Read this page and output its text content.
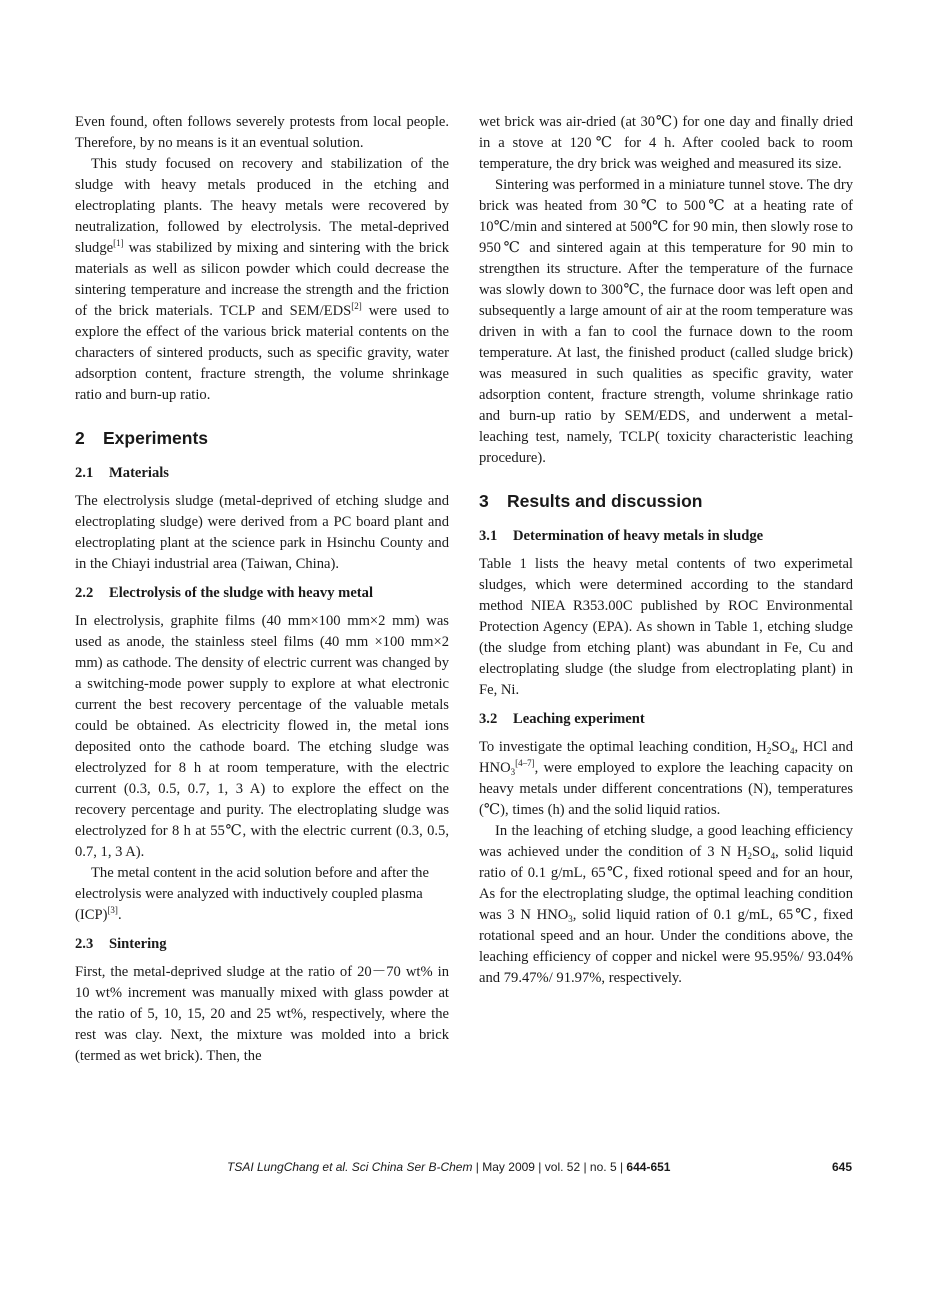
Even found, often follows severely protests from local people. Therefore, by no means is it an eventual solution.

This study focused on recovery and stabilization of the sludge with heavy metals produced in the etching and electroplating plants. The heavy metals were recovered by neutralization, followed by electrolysis. The metal-deprived sludge[1] was stabilized by mixing and sintering with the brick materials as well as silicon powder which could decrease the sintering temperature and increase the strength and the friction of the brick materials. TCLP and SEM/EDS[2] were used to explore the effect of the various brick material contents on the characters of sintered products, such as specific gravity, water adsorption content, fracture strength, the volume shrinkage ratio and burn-up ratio.

2 Experiments
2.1 Materials

The electrolysis sludge (metal-deprived of etching sludge and electroplating sludge) were derived from a PC board plant and electroplating plant at the science park in Hsinchu County and in the Chiayi industrial area (Taiwan, China).

2.2 Electrolysis of the sludge with heavy metal

In electrolysis, graphite films (40 mm×100 mm×2 mm) was used as anode, the stainless steel films (40 mm ×100 mm×2 mm) as cathode. The density of electric current was changed by a switching-mode power supply to explore at what electronic current the best recovery percentage of the valuable metals could be obtained. As electricity flowed in, the metal ions deposited onto the cathode board. The etching sludge was electrolyzed for 8 h at room temperature, with the electric current (0.3, 0.5, 0.7, 1, 3 A) to explore the effect on the recovery percentage and purity. The electroplating sludge was electrolyzed for 8 h at 55℃, with the electric current (0.3, 0.5, 0.7, 1, 3 A).

The metal content in the acid solution before and after the electrolysis were analyzed with inductively coupled plasma (ICP)[3].

2.3 Sintering

First, the metal-deprived sludge at the ratio of 20－70 wt% in 10 wt% increment was manually mixed with glass powder at the ratio of 5, 10, 15, 20 and 25 wt%, respectively, where the rest was clay. Next, the mixture was molded into a brick (termed as wet brick). Then, the

wet brick was air-dried (at 30℃) for one day and finally dried in a stove at 120℃ for 4 h. After cooled back to room temperature, the dry brick was weighed and measured its size.

Sintering was performed in a miniature tunnel stove. The dry brick was heated from 30℃ to 500℃ at a heating rate of 10℃/min and sintered at 500℃ for 90 min, then slowly rose to 950℃ and sintered again at this temperature for 90 min to strengthen its structure. After the temperature of the furnace was slowly down to 300℃, the furnace door was left open and subsequently a large amount of air at the room temperature was driven in with a fan to cool the furnace down to the room temperature. At last, the finished product (called sludge brick) was measured in such qualities as specific gravity, water adsorption content, fracture strength, volume shrinkage ratio and burn-up ratio by SEM/EDS, and underwent a metal-leaching test, namely, TCLP( toxicity characteristic leaching procedure).

3 Results and discussion
3.1 Determination of heavy metals in sludge

Table 1 lists the heavy metal contents of two experimetal sludges, which were determined according to the standard method NIEA R353.00C published by ROC Environmental Protection Agency (EPA). As shown in Table 1, etching sludge (the sludge from etching plant) was abundant in Fe, Cu and electroplating sludge (the sludge from electroplating plant) in Fe, Ni.

3.2 Leaching experiment

To investigate the optimal leaching condition, $H_2SO_4$, HCl and $HNO_3[4-7]$, were employed to explore the leaching capacity on heavy metals under different concentrations (N), temperatures (℃), times (h) and the solid liquid ratios.

In the leaching of etching sludge, a good leaching efficiency was achieved under the condition of 3 N $H_2SO_4$, solid liquid ratio of 0.1 g/mL, 65℃, fixed rotional speed and for an hour, As for the electroplating sludge, the optimal leaching condition was 3 N $HNO_3$, solid liquid ration of 0.1 g/mL, 65℃, fixed rotational speed and an hour. Under the conditions above, the leaching efficiency of copper and nickel were 95.95%/ 93.04% and 79.47%/ 91.97%, respectively.

TSAI LungChang et al. Sci China Ser B-Chem | May 2009 | vol. 52 | no. 5 | 644-651	645
